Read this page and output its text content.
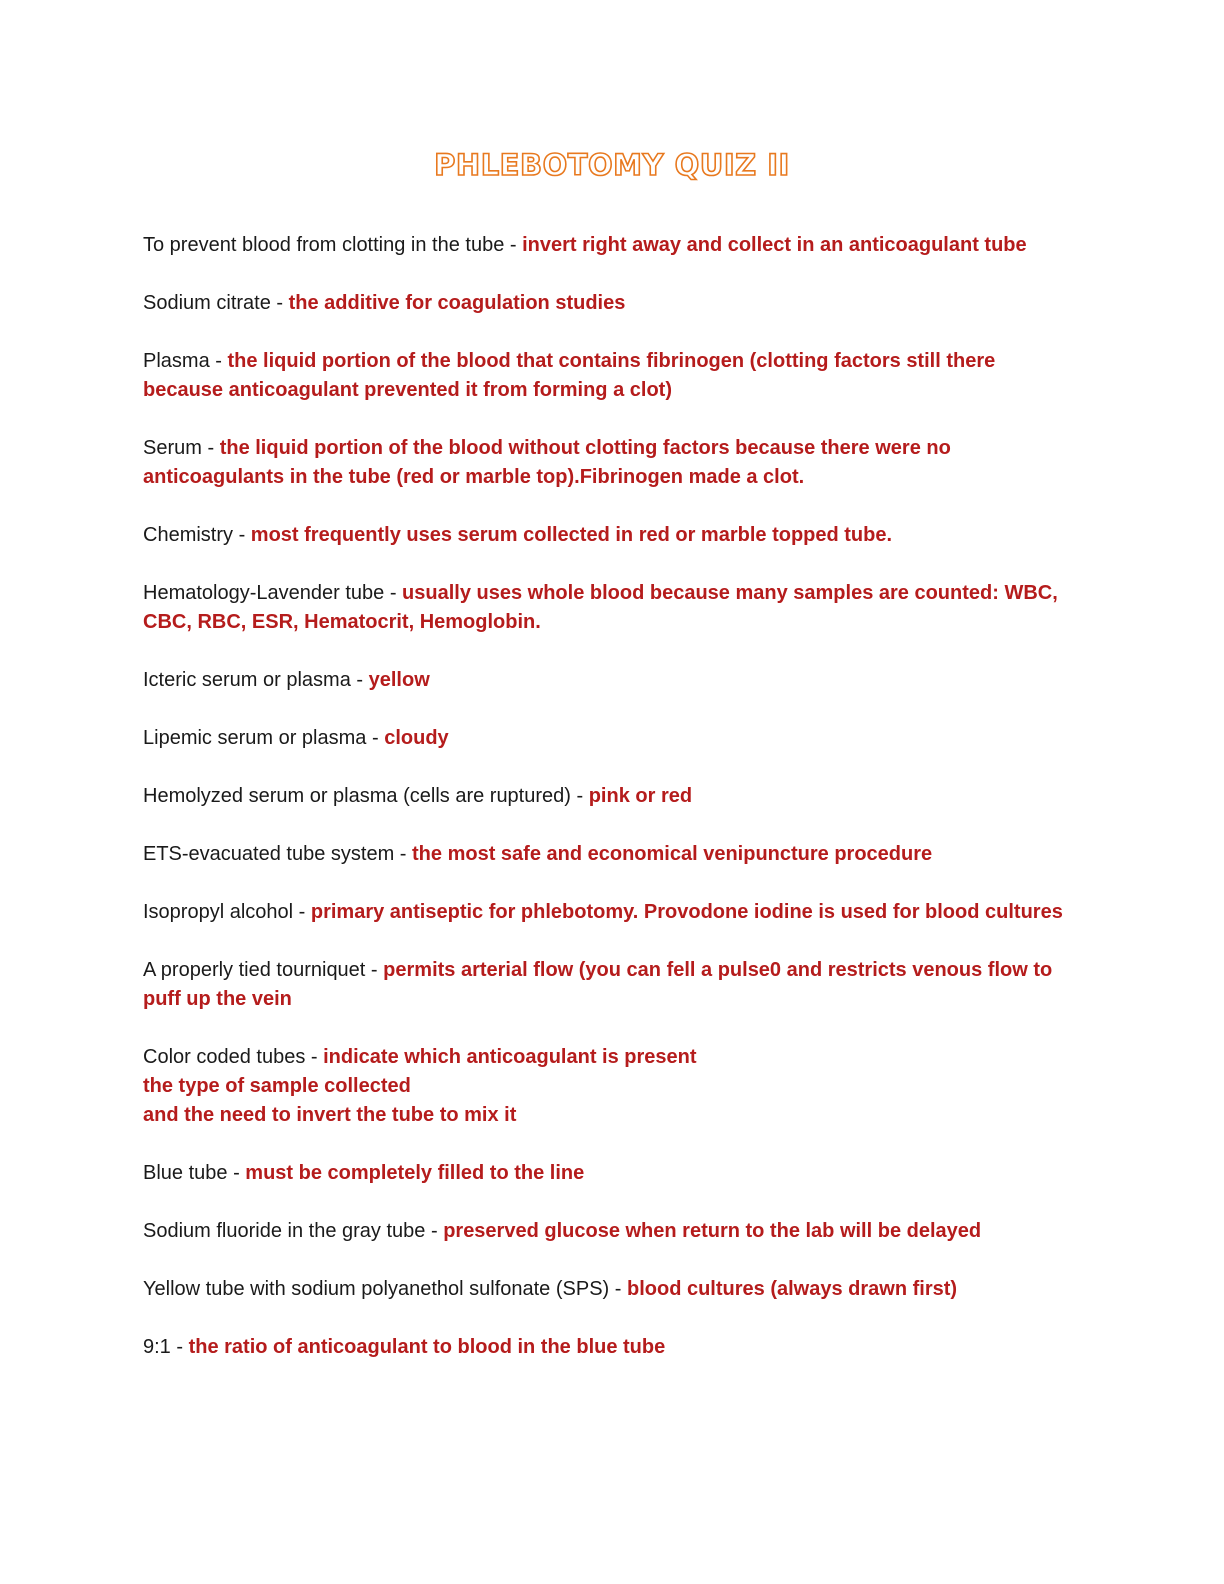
PHLEBOTOMY QUIZ II
To prevent blood from clotting in the tube - invert right away and collect in an anticoagulant tube
Sodium citrate - the additive for coagulation studies
Plasma - the liquid portion of the blood that contains fibrinogen (clotting factors still there because anticoagulant prevented it from forming a clot)
Serum - the liquid portion of the blood without clotting factors because there were no anticoagulants in the tube (red or marble top).Fibrinogen made a clot.
Chemistry - most frequently uses serum collected in red or marble topped tube.
Hematology-Lavender tube - usually uses whole blood because many samples are counted: WBC, CBC, RBC, ESR, Hematocrit, Hemoglobin.
Icteric serum or plasma - yellow
Lipemic serum or plasma - cloudy
Hemolyzed serum or plasma (cells are ruptured) - pink or red
ETS-evacuated tube system - the most safe and economical venipuncture procedure
Isopropyl alcohol - primary antiseptic for phlebotomy. Provodone iodine is used for blood cultures
A properly tied tourniquet - permits arterial flow (you can fell a pulse0 and restricts venous flow to puff up the vein
Color coded tubes - indicate which anticoagulant is present
the type of sample collected
and the need to invert the tube to mix it
Blue tube - must be completely filled to the line
Sodium fluoride in the gray tube - preserved glucose when return to the lab will be delayed
Yellow tube with sodium polyanethol sulfonate (SPS) - blood cultures (always drawn first)
9:1 - the ratio of anticoagulant to blood in the blue tube
